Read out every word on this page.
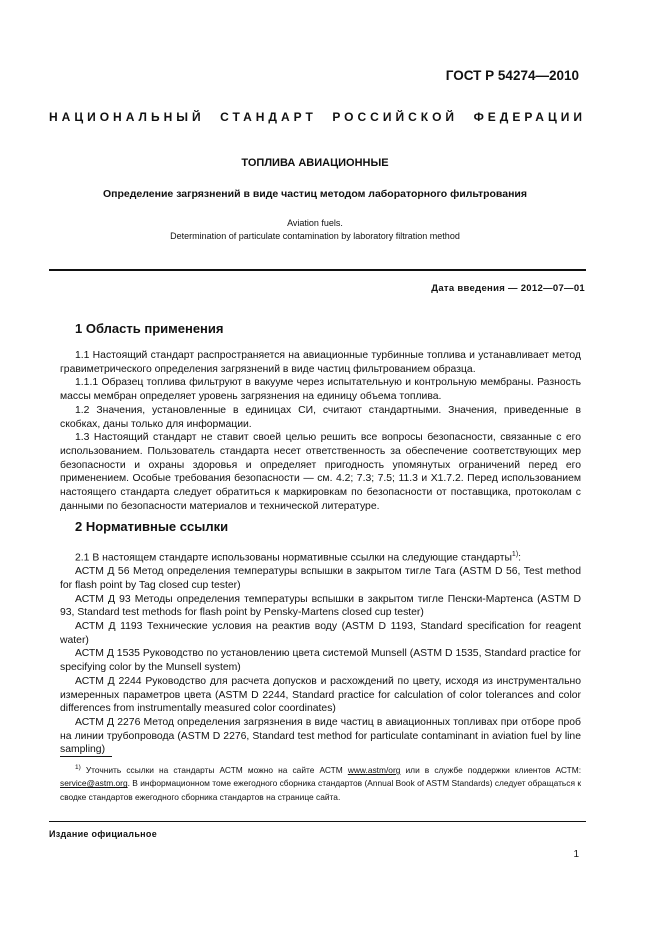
ГОСТ Р 54274—2010
НАЦИОНАЛЬНЫЙ СТАНДАРТ РОССИЙСКОЙ ФЕДЕРАЦИИ
ТОПЛИВА АВИАЦИОННЫЕ
Определение загрязнений в виде частиц методом лабораторного фильтрования
Aviation fuels.
Determination of particulate contamination by laboratory filtration method
Дата введения — 2012—07—01
1 Область применения

1.1 Настоящий стандарт распространяется на авиационные турбинные топлива и устанавливает метод гравиметрического определения загрязнений в виде частиц фильтрованием образца.

1.1.1 Образец топлива фильтруют в вакууме через испытательную и контрольную мембраны. Разность массы мембран определяет уровень загрязнения на единицу объема топлива.

1.2 Значения, установленные в единицах СИ, считают стандартными. Значения, приведенные в скобках, даны только для информации.

1.3 Настоящий стандарт не ставит своей целью решить все вопросы безопасности, связанные с его использованием. Пользователь стандарта несет ответственность за обеспечение соответствующих мер безопасности и охраны здоровья и определяет пригодность упомянутых ограничений перед его применением. Особые требования безопасности — см. 4.2; 7.3; 7.5; 11.3 и Х1.7.2. Перед использованием настоящего стандарта следует обратиться к маркировкам по безопасности от поставщика, протоколам с данными по безопасности материалов и технической литературе.

2 Нормативные ссылки

2.1 В настоящем стандарте использованы нормативные ссылки на следующие стандарты$^{1)}$:

АСТМ Д 56 Метод определения температуры вспышки в закрытом тигле Тага (ASTM D 56, Test method for flash point by Tag closed cup tester)

АСТМ Д 93 Методы определения температуры вспышки в закрытом тигле Пенски-Мартенса (ASTM D 93, Standard test methods for flash point by Pensky-Martens closed cup tester)

АСТМ Д 1193 Технические условия на реактив воду (ASTM D 1193, Standard specification for reagent water)

АСТМ Д 1535 Руководство по установлению цвета системой Munsell (ASTM D 1535, Standard practice for specifying color by the Munsell system)

АСТМ Д 2244 Руководство для расчета допусков и расхождений по цвету, исходя из инструментально измеренных параметров цвета (ASTM D 2244, Standard practice for calculation of color tolerances and color differences from instrumentally measured color coordinates)

АСТМ Д 2276 Метод определения загрязнения в виде частиц в авиационных топливах при отборе проб на линии трубопровода (ASTM D 2276, Standard test method for particulate contaminant in aviation fuel by line sampling)

$^{1)}$ Уточнить ссылки на стандарты АСТМ можно на сайте АСТМ www.astm/org или в службе поддержки клиентов АСТМ: service@astm.org. В информационном томе ежегодного сборника стандартов (Annual Book of ASTM Standards) следует обращаться к сводке стандартов ежегодного сборника стандартов на странице сайта.

Издание официальное
1
